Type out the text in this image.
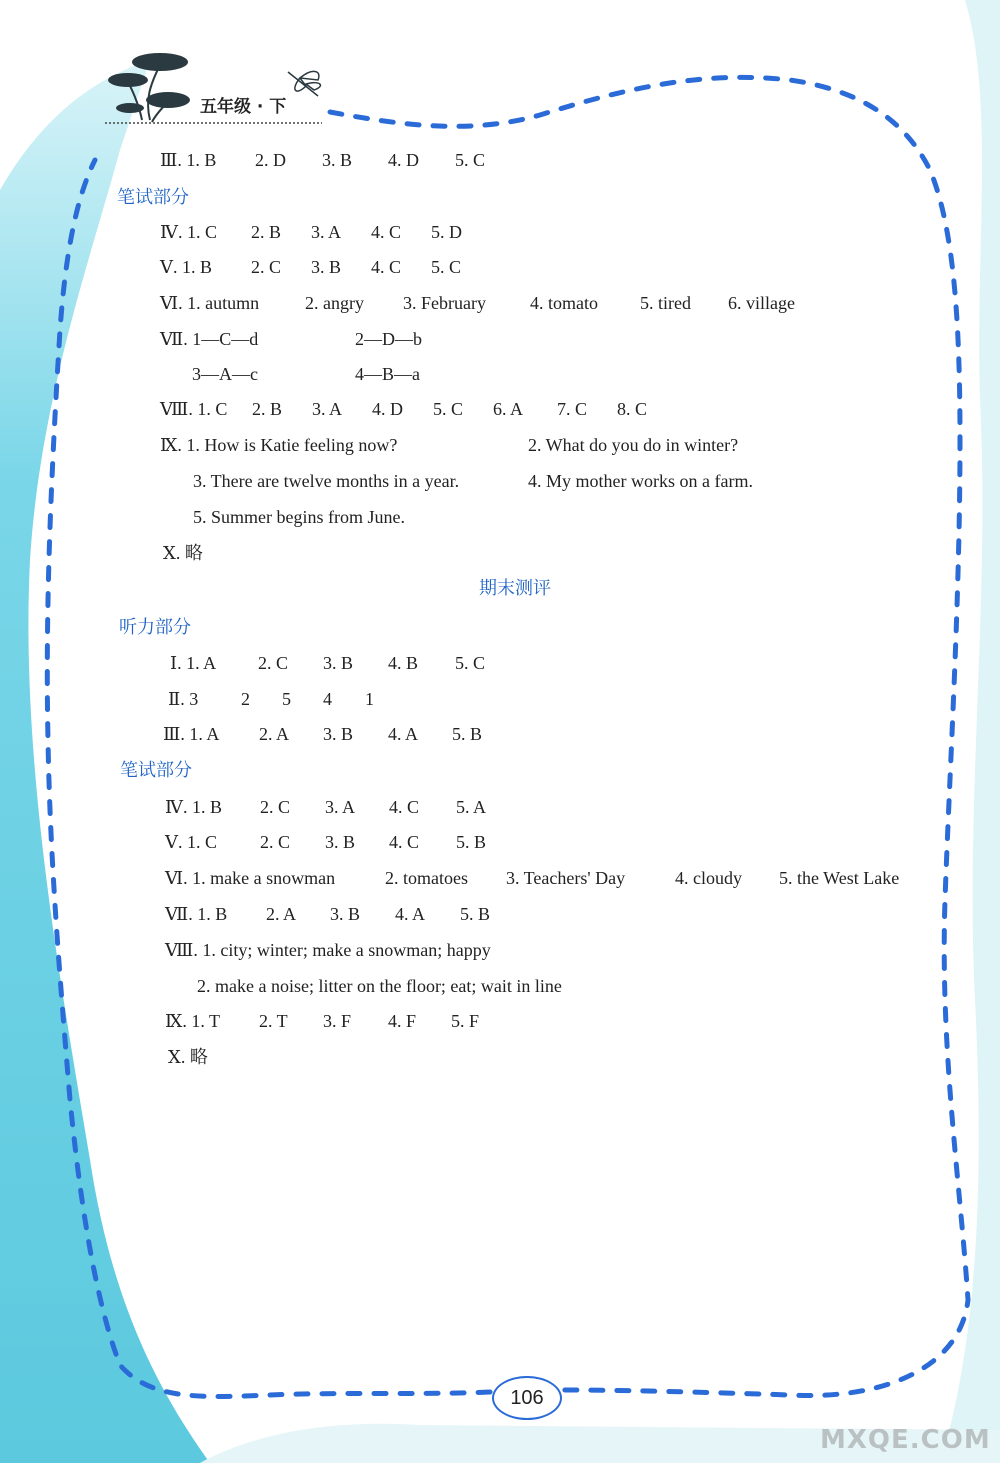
五年级 · 下
Ⅲ. 1. B 2. D 3. B 4. D 5. C
笔试部分
Ⅳ. 1. C 2. B 3. A 4. C 5. D
Ⅴ. 1. B 2. C 3. B 4. C 5. C
Ⅵ. 1. autumn	2. angry 3. February 4. tomato 5. tired 6. village
Ⅶ. 1—C—d	2—D—b
3—A—c	4—B—a
Ⅷ. 1. C 2. B 3. A 4. D 5. C 6. A 7. C 8. C
Ⅸ. 1. How is Katie feeling now?	2. What do you do in winter?
3. There are twelve months in a year.	4. My mother works on a farm.
5. Summer begins from June.
Ⅹ. 略
期末测评
听力部分
Ⅰ. 1. A 2. C 3. B 4. B 5. C
Ⅱ. 3 2 5 4 1
Ⅲ. 1. A 2. A 3. B 4. A 5. B
笔试部分
Ⅳ. 1. B 2. C 3. A 4. C 5. A
Ⅴ. 1. C 2. C 3. B 4. C 5. B
Ⅵ. 1. make a snowman	2. tomatoes 3. Teachers' Day	4. cloudy 5. the West Lake
Ⅶ. 1. B 2. A 3. B 4. A 5. B
Ⅷ. 1. city; winter; make a snowman; happy
2. make a noise; litter on the floor; eat; wait in line
Ⅸ. 1. T 2. T 3. F 4. F 5. F
Ⅹ. 略
106
MXQE.COM
